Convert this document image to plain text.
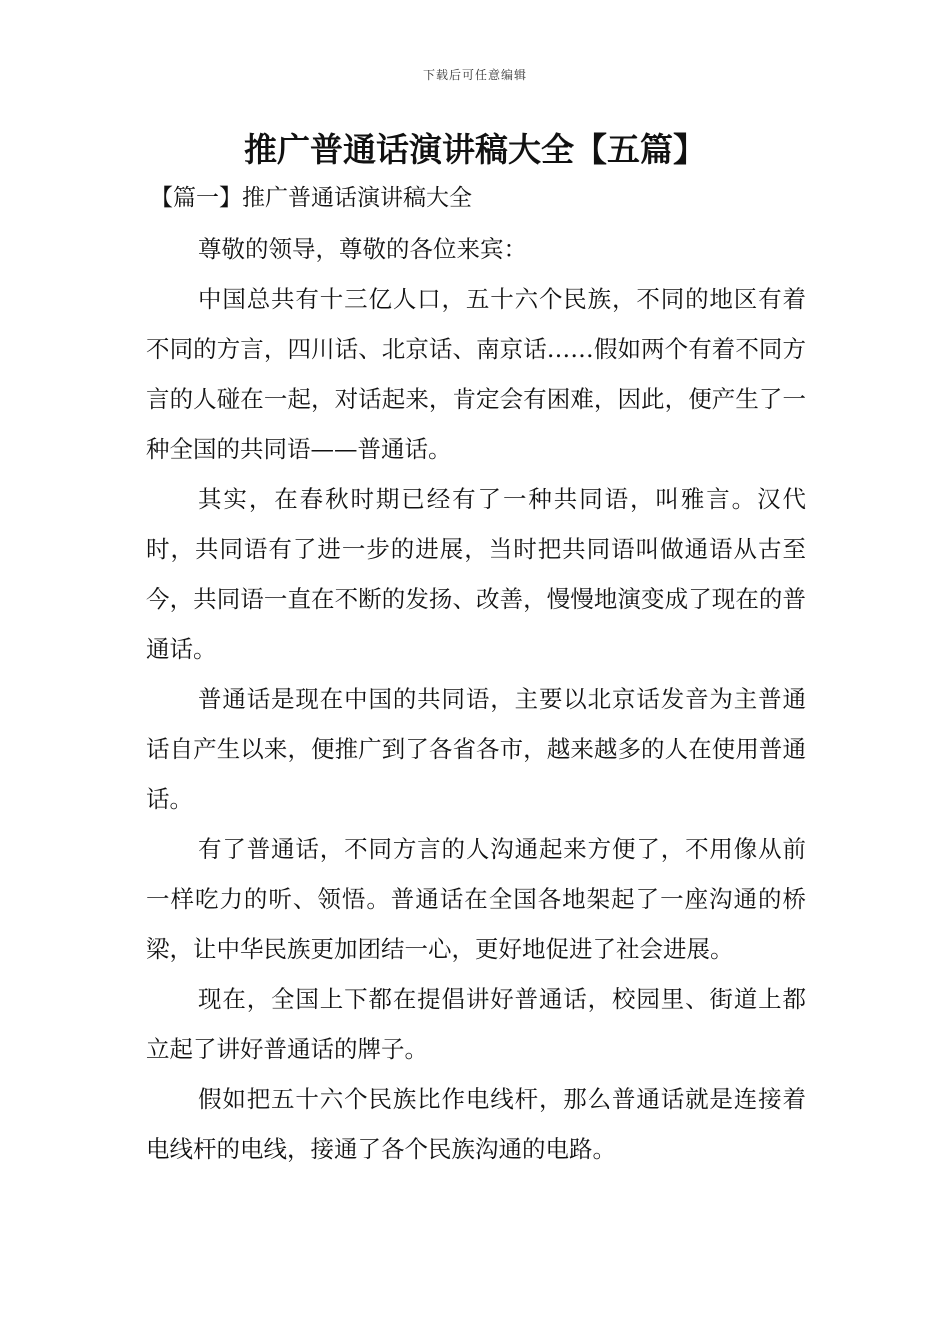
下载后可任意编辑
推广普通话演讲稿大全【五篇】
【篇一】推广普通话演讲稿大全

尊敬的领导，尊敬的各位来宾：

中国总共有十三亿人口，五十六个民族，不同的地区有着不同的方言，四川话、北京话、南京话……假如两个有着不同方言的人碰在一起，对话起来，肯定会有困难，因此，便产生了一种全国的共同语——普通话。

其实，在春秋时期已经有了一种共同语，叫雅言。汉代时，共同语有了进一步的进展，当时把共同语叫做通语从古至今，共同语一直在不断的发扬、改善，慢慢地演变成了现在的普通话。

普通话是现在中国的共同语，主要以北京话发音为主普通话自产生以来，便推广到了各省各市，越来越多的人在使用普通话。

有了普通话，不同方言的人沟通起来方便了，不用像从前一样吃力的听、领悟。普通话在全国各地架起了一座沟通的桥梁，让中华民族更加团结一心，更好地促进了社会进展。

现在，全国上下都在提倡讲好普通话，校园里、街道上都立起了讲好普通话的牌子。

假如把五十六个民族比作电线杆，那么普通话就是连接着电线杆的电线，接通了各个民族沟通的电路。
